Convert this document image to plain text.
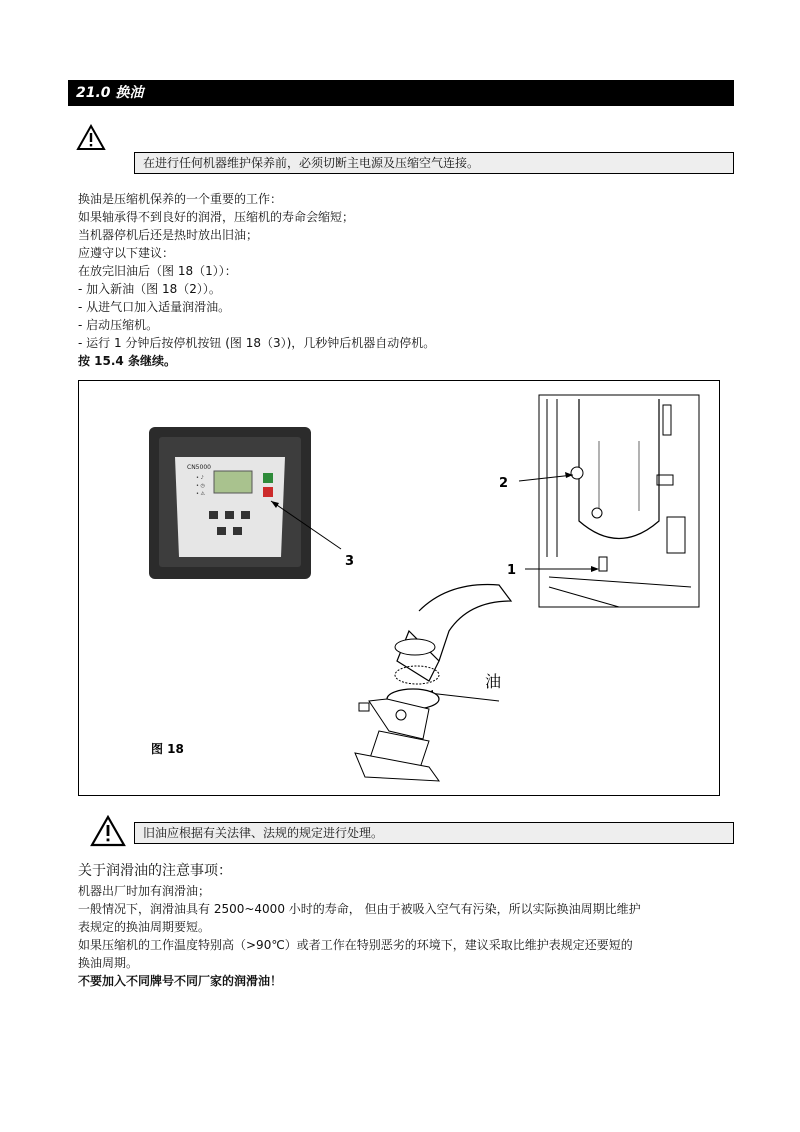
21.0 换油
在进行任何机器维护保养前，必须切断主电源及压缩空气连接。

换油是压缩机保养的一个重要的工作：

如果轴承得不到良好的润滑，压缩机的寿命会缩短；

当机器停机后还是热时放出旧油；

应遵守以下建议：

在放完旧油后（图 18（1））：

- 加入新油（图 18（2））。

- 从进气口加入适量润滑油。

- 启动压缩机。

- 运行 1 分钟后按停机按钮 (图 18（3）)，几秒钟后机器自动停机。

按 15.4 条继续。

CN5000
• ♪
• ◷
• ⚠
3
2
1
油
图 18
旧油应根据有关法律、法规的规定进行处理。
关于润滑油的注意事项：

机器出厂时加有润滑油；

一般情况下，润滑油具有 2500~4000 小时的寿命， 但由于被吸入空气有污染，所以实际换油周期比维护

表规定的换油周期要短。

如果压缩机的工作温度特别高（>90℃）或者工作在特别恶劣的环境下，建议采取比维护表规定还要短的

换油周期。

不要加入不同牌号不同厂家的润滑油！
